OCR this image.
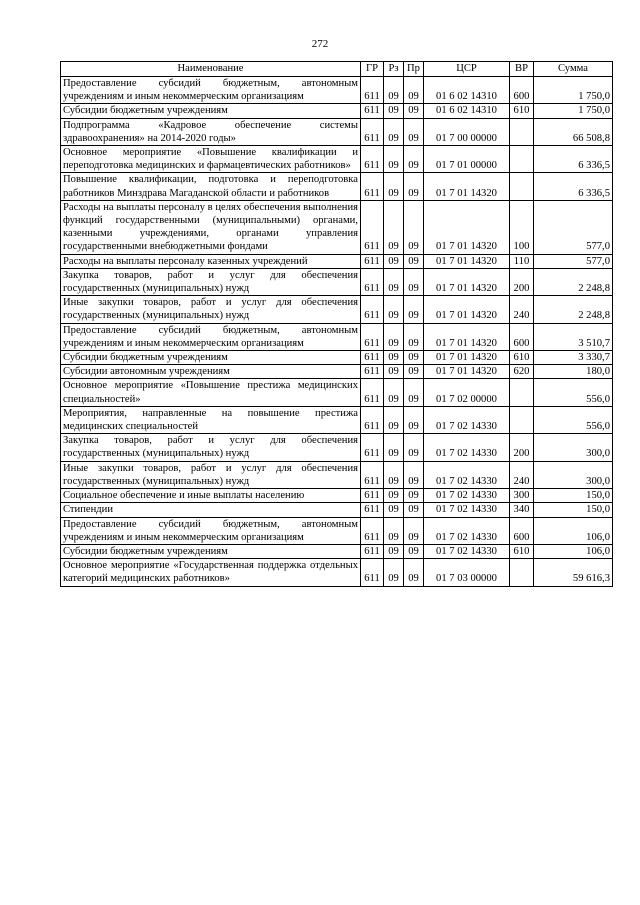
272
Наименование	ГР	Рз	Пр	ЦСР	ВР	Сумма
Предоставление субсидий бюджетным, автономным учреждениям и иным некоммерческим организациям	611	09	09	01 6 02 14310	600	1 750,0
Субсидии бюджетным учреждениям	611	09	09	01 6 02 14310	610	1 750,0
Подпрограмма «Кадровое обеспечение системы здравоохранения» на 2014-2020 годы»	611	09	09	01 7 00 00000		66 508,8
Основное мероприятие «Повышение квалификации и переподготовка медицинских и фармацевтических работников»	611	09	09	01 7 01 00000		6 336,5
Повышение квалификации, подготовка и переподготовка работников Минздрава Магаданской области и работников	611	09	09	01 7 01 14320		6 336,5
Расходы на выплаты персоналу в целях обеспечения выполнения функций государственными (муниципальными) органами, казенными учреждениями, органами управления государственными внебюджетными фондами	611	09	09	01 7 01 14320	100	577,0
Расходы на выплаты персоналу казенных учреждений	611	09	09	01 7 01 14320	110	577,0
Закупка товаров, работ и услуг для обеспечения государственных (муниципальных) нужд	611	09	09	01 7 01 14320	200	2 248,8
Иные закупки товаров, работ и услуг для обеспечения государственных (муниципальных) нужд	611	09	09	01 7 01 14320	240	2 248,8
Предоставление субсидий бюджетным, автономным учреждениям и иным некоммерческим организациям	611	09	09	01 7 01 14320	600	3 510,7
Субсидии бюджетным учреждениям	611	09	09	01 7 01 14320	610	3 330,7
Субсидии автономным учреждениям	611	09	09	01 7 01 14320	620	180,0
Основное мероприятие «Повышение престижа медицинских специальностей»	611	09	09	01 7 02 00000		556,0
Мероприятия, направленные на повышение престижа медицинских специальностей	611	09	09	01 7 02 14330		556,0
Закупка товаров, работ и услуг для обеспечения государственных (муниципальных) нужд	611	09	09	01 7 02 14330	200	300,0
Иные закупки товаров, работ и услуг для обеспечения государственных (муниципальных) нужд	611	09	09	01 7 02 14330	240	300,0
Социальное обеспечение и иные выплаты населению	611	09	09	01 7 02 14330	300	150,0
Стипендии	611	09	09	01 7 02 14330	340	150,0
Предоставление субсидий бюджетным, автономным учреждениям и иным некоммерческим организациям	611	09	09	01 7 02 14330	600	106,0
Субсидии бюджетным учреждениям	611	09	09	01 7 02 14330	610	106,0
Основное мероприятие «Государственная поддержка отдельных категорий медицинских работников»	611	09	09	01 7 03 00000		59 616,3
